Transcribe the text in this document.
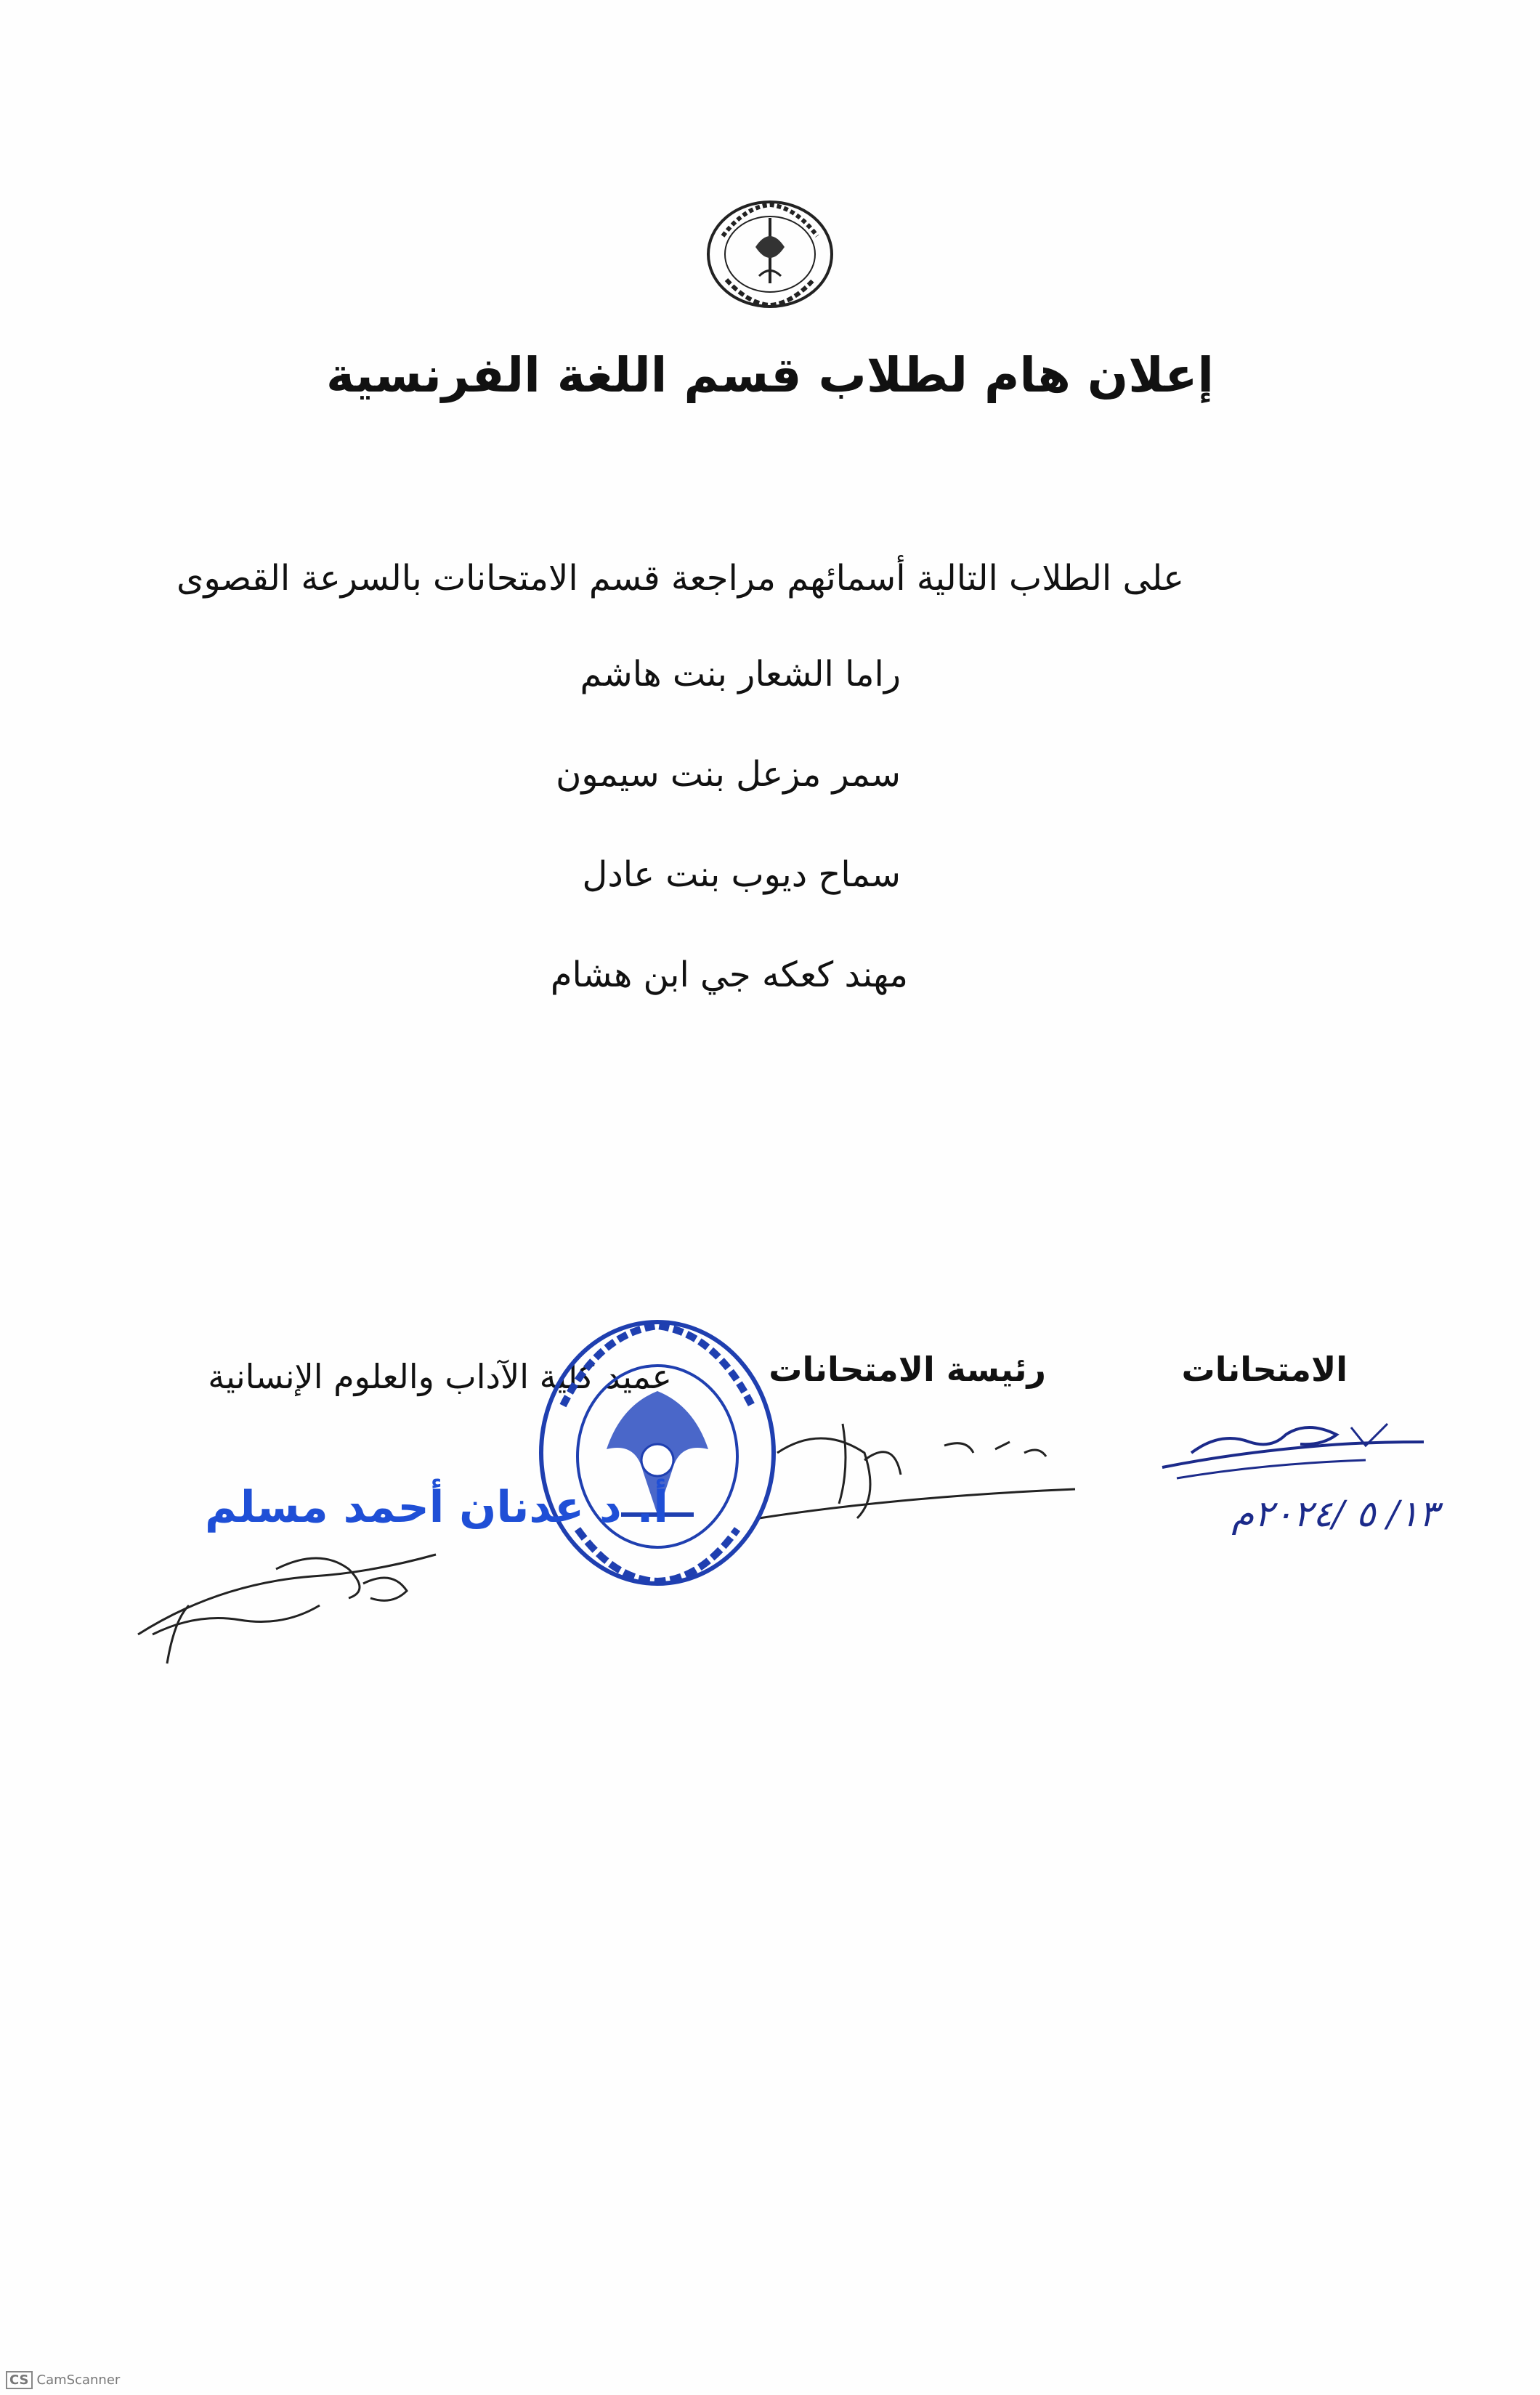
إعلان هام لطلاب قسم اللغة الفرنسية
على الطلاب التالية أسمائهم مراجعة قسم الامتحانات بالسرعة القصوى
راما الشعار بنت هاشم
سمر مزعل بنت سيمون
سماح ديوب بنت عادل
مهند كعكه جي ابن هشام
الامتحانات
رئيسة الامتحانات
عميد كلية الآداب والعلوم الإنسانية
١٣/ ٥ /٢٠٢٤م
أ. د عدنان أحمد مسلم
CS CamScanner
